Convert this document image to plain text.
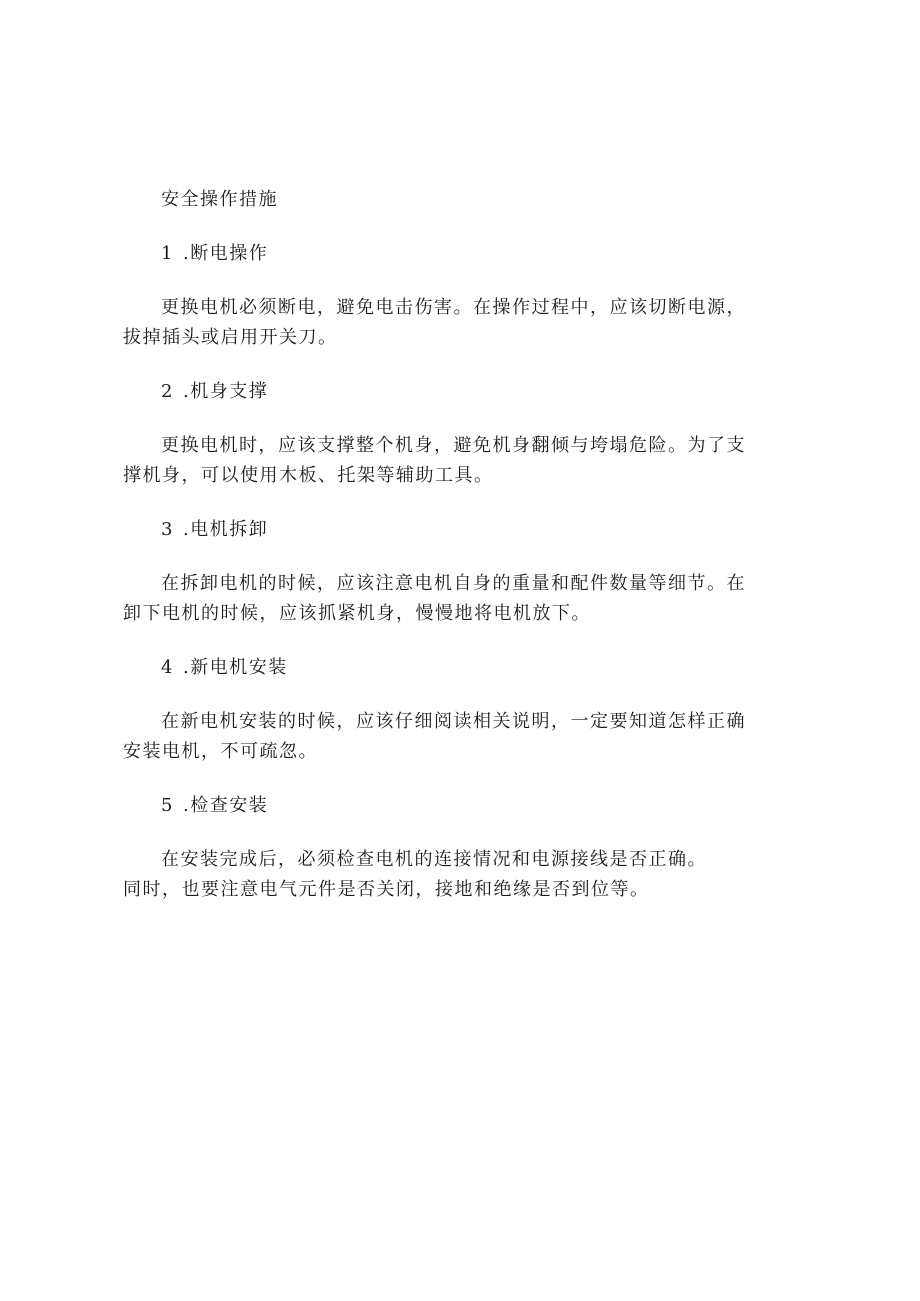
安全操作措施

1 .断电操作

更换电机必须断电，避免电击伤害。在操作过程中，应该切断电源，

拔掉插头或启用开关刀。

2 .机身支撑

更换电机时，应该支撑整个机身，避免机身翻倾与垮塌危险。为了支

撑机身，可以使用木板、托架等辅助工具。

3 .电机拆卸

在拆卸电机的时候，应该注意电机自身的重量和配件数量等细节。在

卸下电机的时候，应该抓紧机身，慢慢地将电机放下。

4 .新电机安装

在新电机安装的时候，应该仔细阅读相关说明，一定要知道怎样正确

安装电机，不可疏忽。

5 .检查安装

在安装完成后，必须检查电机的连接情况和电源接线是否正确。

同时，也要注意电气元件是否关闭，接地和绝缘是否到位等。
